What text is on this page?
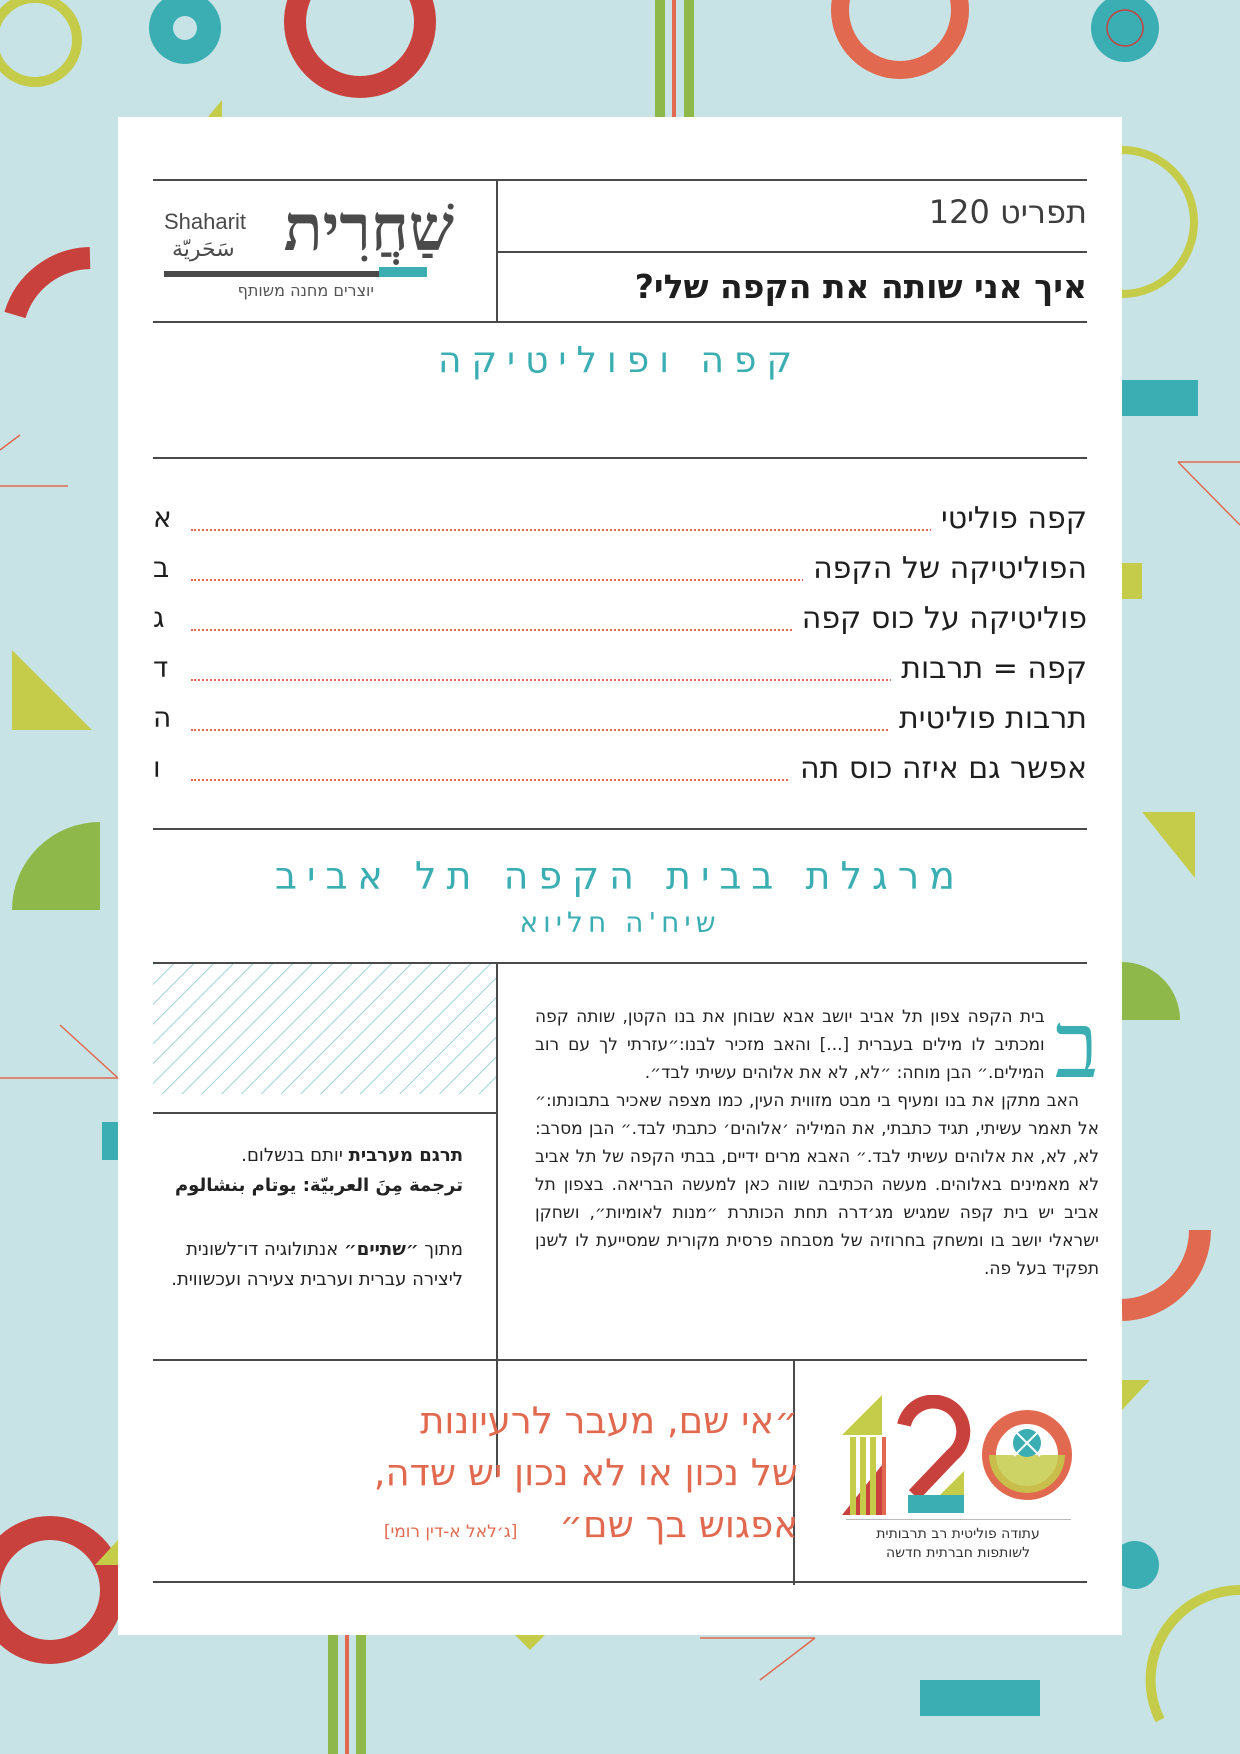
תפריט 120
איך אני שותה את הקפה שלי?
שַׁחֲרִית
Shaharit
سَحَريّة
יוצרים מחנה משותף
קפה ופוליטיקה
קפה פוליטי
א
הפוליטיקה של הקפה
ב
פוליטיקה על כוס קפה
ג
קפה = תרבות
ד
תרבות פוליטית
ה
אפשר גם איזה כוס תה
ו
מרגלת בבית הקפה תל אביב
שיח'ה חליוא
תרגם מערבית יותם בנשלום.
ترجمة مِنَ العربيّة: يوتام بنشالوم
מתוך ״שתיים״ אנתולוגיה דו־לשונית ליצירה עברית וערבית צעירה ועכשווית.
ב

בית הקפה צפון תל אביב יושב אבא שבוחן את בנו הקטן, שותה קפה ומכתיב לו מילים בעברית [...] והאב מזכיר לבנו:״עזרתי לך עם רוב המילים.״ הבן מוחה: ״לא, לא את אלוהים עשיתי לבד״.

האב מתקן את בנו ומעיף בי מבט מזווית העין, כמו מצפה שאכיר בתבונתו:״ אל תאמר עשיתי, תגיד כתבתי, את המיליה ׳אלוהים׳ כתבתי לבד.״ הבן מסרב: לא, לא, את אלוהים עשיתי לבד.״ האבא מרים ידיים, בבתי הקפה של תל אביב לא מאמינים באלוהים. מעשה הכתיבה שווה כאן למעשה הבריאה. בצפון תל אביב יש בית קפה שמגיש מג׳דרה תחת הכותרת ״מנות לאומיות״, ושחקן ישראלי יושב בו ומשחק בחרוזיה של מסבחה פרסית מקורית שמסייעת לו לשנן תפקיד בעל פה.

״אי שם, מעבר לרעיונות
של נכון או לא נכון יש שדה,
אפגוש בך שם״ [ג׳לאל א-דין רומי]	עתודה פוליטית רב תרבותית
לשותפות חברתית חדשה
